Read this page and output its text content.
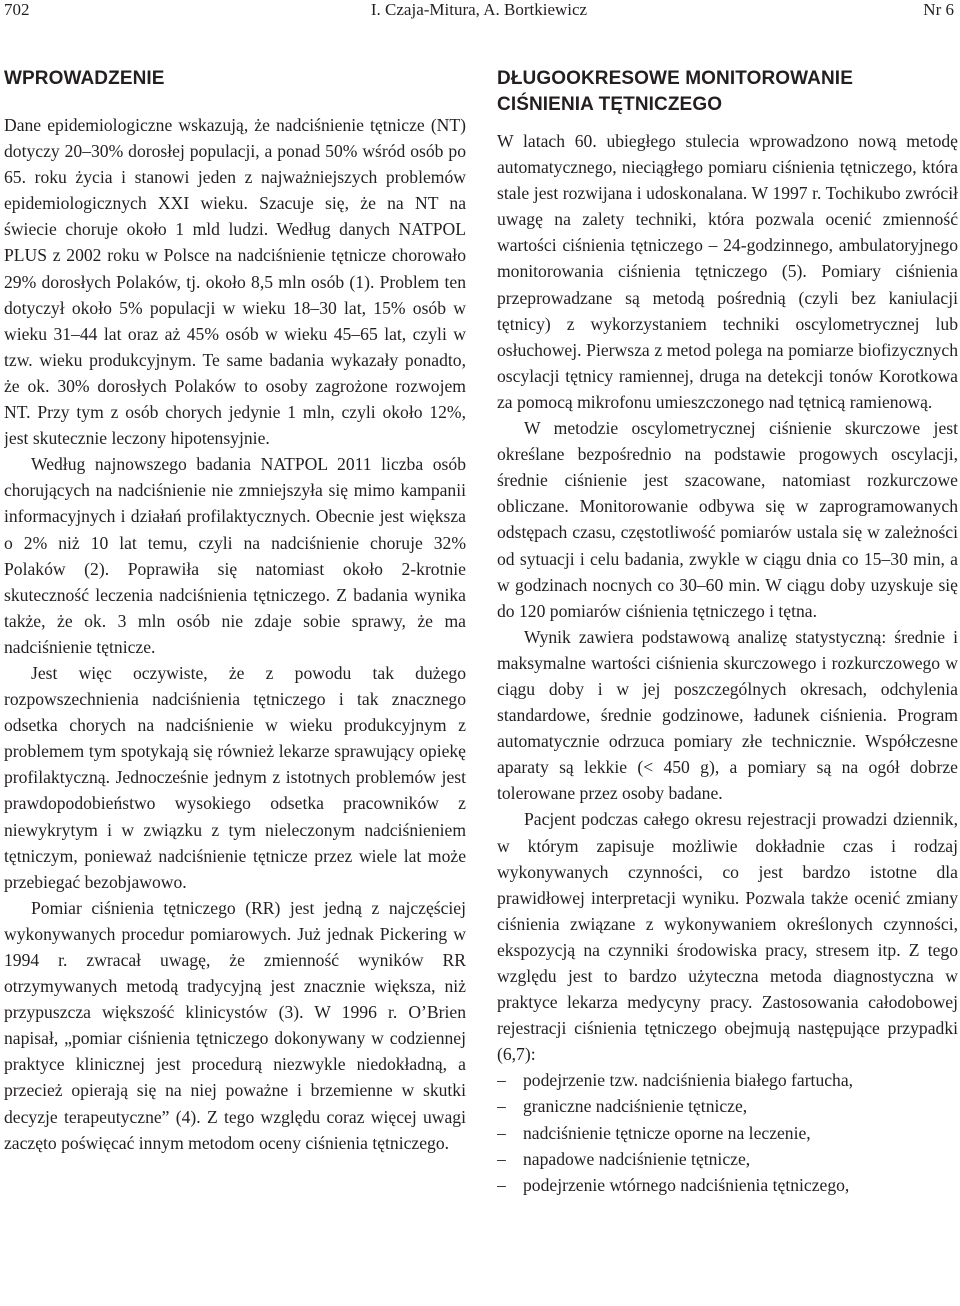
702	I. Czaja-Mitura, A. Bortkiewicz	Nr 6
WPROWADZENIE

Dane epidemiologiczne wskazują, że nadciśnienie tętnicze (NT) dotyczy 20–30% dorosłej populacji, a ponad 50% wśród osób po 65. roku życia i stanowi jeden z najważniejszych problemów epidemiologicznych XXI wieku. Szacuje się, że na NT na świecie choruje około 1 mld ludzi. Według danych NATPOL PLUS z 2002 roku w Polsce na nadciśnienie tętnicze chorowało 29% dorosłych Polaków, tj. około 8,5 mln osób (1). Problem ten dotyczył około 5% populacji w wieku 18–30 lat, 15% osób w wieku 31–44 lat oraz aż 45% osób w wieku 45–65 lat, czyli w tzw. wieku produkcyjnym. Te same badania wykazały ponadto, że ok. 30% dorosłych Polaków to osoby zagrożone rozwojem NT. Przy tym z osób chorych jedynie 1 mln, czyli około 12%, jest skutecznie leczony hipotensyjnie.

Według najnowszego badania NATPOL 2011 liczba osób chorujących na nadciśnienie nie zmniejszyła się mimo kampanii informacyjnych i działań profilaktycznych. Obecnie jest większa o 2% niż 10 lat temu, czyli na nadciśnienie choruje 32% Polaków (2). Poprawiła się natomiast około 2-krotnie skuteczność leczenia nadciśnienia tętniczego. Z badania wynika także, że ok. 3 mln osób nie zdaje sobie sprawy, że ma nadciśnienie tętnicze.

Jest więc oczywiste, że z powodu tak dużego rozpowszechnienia nadciśnienia tętniczego i tak znacznego odsetka chorych na nadciśnienie w wieku produkcyjnym z problemem tym spotykają się również lekarze sprawujący opiekę profilaktyczną. Jednocześnie jednym z istotnych problemów jest prawdopodobieństwo wysokiego odsetka pracowników z niewykrytym i w związku z tym nieleczonym nadciśnieniem tętniczym, ponieważ nadciśnienie tętnicze przez wiele lat może przebiegać bezobjawowo.

Pomiar ciśnienia tętniczego (RR) jest jedną z najczęściej wykonywanych procedur pomiarowych. Już jednak Pickering w 1994 r. zwracał uwagę, że zmienność wyników RR otrzymywanych metodą tradycyjną jest znacznie większa, niż przypuszcza większość klinicystów (3). W 1996 r. O’Brien napisał, „pomiar ciśnienia tętniczego dokonywany w codziennej praktyce klinicznej jest procedurą niezwykle niedokładną, a przecież opierają się na niej poważne i brzemienne w skutki decyzje terapeutyczne” (4). Z tego względu coraz więcej uwagi zaczęto poświęcać innym metodom oceny ciśnienia tętniczego.

DŁUGOOKRESOWE MONITOROWANIE
CIŚNIENIA TĘTNICZEGO

W latach 60. ubiegłego stulecia wprowadzono nową metodę automatycznego, nieciągłego pomiaru ciśnienia tętniczego, która stale jest rozwijana i udoskonalana. W 1997 r. Tochikubo zwrócił uwagę na zalety techniki, która pozwala ocenić zmienność wartości ciśnienia tętniczego – 24-godzinnego, ambulatoryjnego monitorowania ciśnienia tętniczego (5). Pomiary ciśnienia przeprowadzane są metodą pośrednią (czyli bez kaniulacji tętnicy) z wykorzystaniem techniki oscylometrycznej lub osłuchowej. Pierwsza z metod polega na pomiarze biofizycznych oscylacji tętnicy ramiennej, druga na detekcji tonów Korotkowa za pomocą mikrofonu umieszczonego nad tętnicą ramienową.

W metodzie oscylometrycznej ciśnienie skurczowe jest określane bezpośrednio na podstawie progowych oscylacji, średnie ciśnienie jest szacowane, natomiast rozkurczowe obliczane. Monitorowanie odbywa się w zaprogramowanych odstępach czasu, częstotliwość pomiarów ustala się w zależności od sytuacji i celu badania, zwykle w ciągu dnia co 15–30 min, a w godzinach nocnych co 30–60 min. W ciągu doby uzyskuje się do 120 pomiarów ciśnienia tętniczego i tętna.

Wynik zawiera podstawową analizę statystyczną: średnie i maksymalne wartości ciśnienia skurczowego i rozkurczowego w ciągu doby i w jej poszczególnych okresach, odchylenia standardowe, średnie godzinowe, ładunek ciśnienia. Program automatycznie odrzuca pomiary złe technicznie. Współczesne aparaty są lekkie (< 450 g), a pomiary są na ogół dobrze tolerowane przez osoby badane.

Pacjent podczas całego okresu rejestracji prowadzi dziennik, w którym zapisuje możliwie dokładnie czas i rodzaj wykonywanych czynności, co jest bardzo istotne dla prawidłowej interpretacji wyniku. Pozwala także ocenić zmiany ciśnienia związane z wykonywaniem określonych czynności, ekspozycją na czynniki środowiska pracy, stresem itp. Z tego względu jest to bardzo użyteczna metoda diagnostyczna w praktyce lekarza medycyny pracy. Zastosowania całodobowej rejestracji ciśnienia tętniczego obejmują następujące przypadki (6,7):

– podejrzenie tzw. nadciśnienia białego fartucha,
– graniczne nadciśnienie tętnicze,
– nadciśnienie tętnicze oporne na leczenie,
– napadowe nadciśnienie tętnicze,
– podejrzenie wtórnego nadciśnienia tętniczego,
